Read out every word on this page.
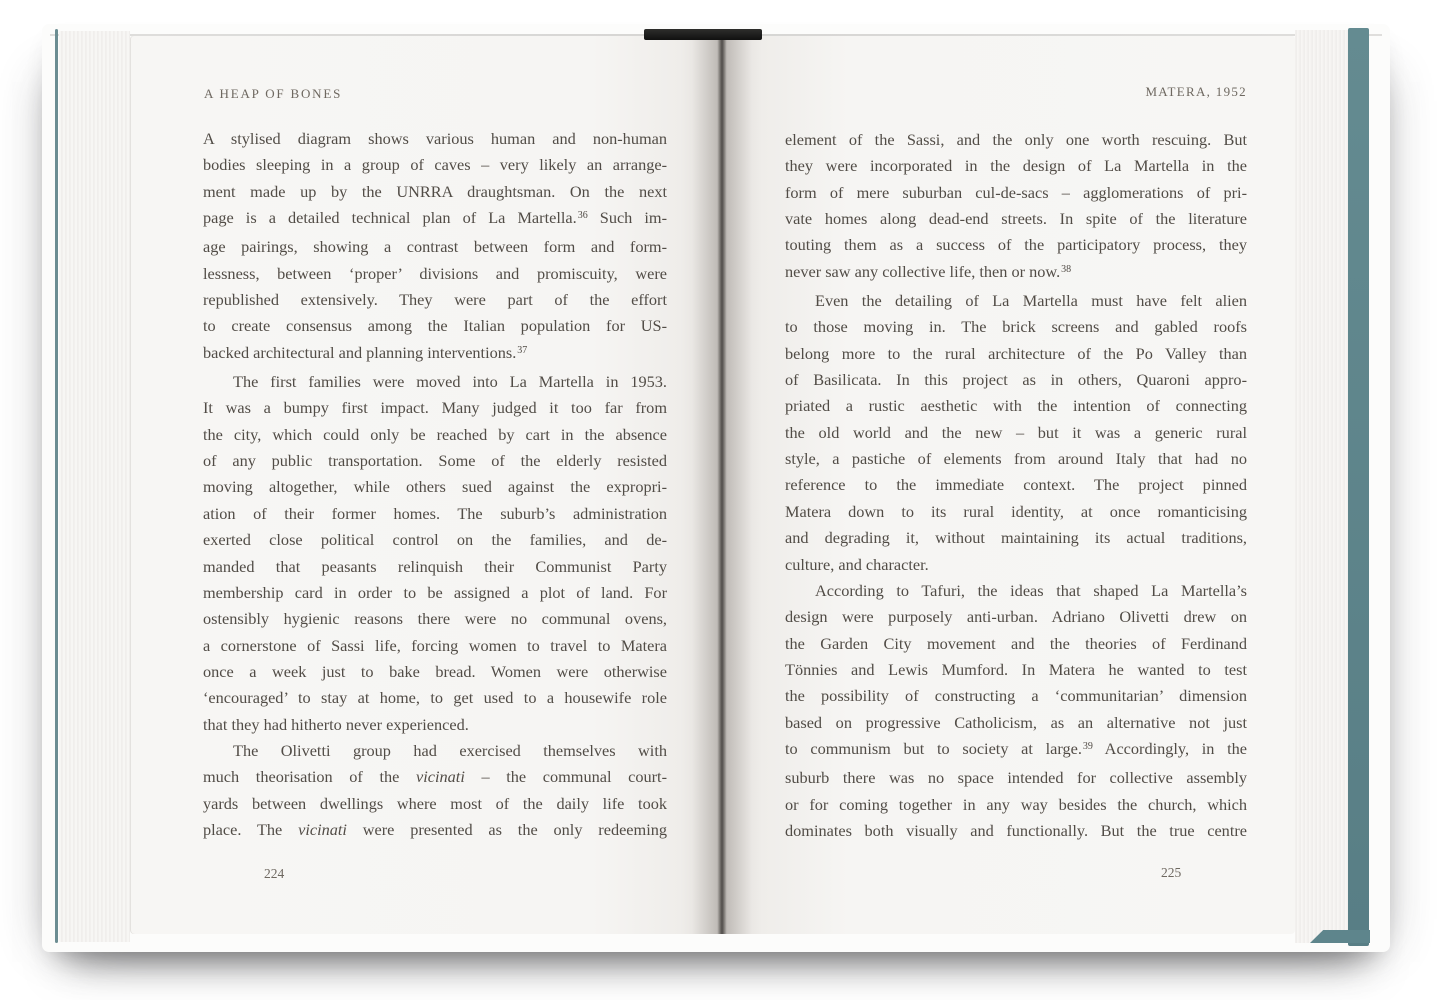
A HEAP OF BONES	MATERA, 1952
A stylised diagram shows various human and non-human
bodies sleeping in a group of caves – very likely an arrange-
ment made up by the UNRRA draughtsman. On the next
page is a detailed technical plan of La Martella.$^{36}$ Such im-
age pairings, showing a contrast between form and form-
lessness, between ‘proper’ divisions and promiscuity, were
republished extensively. They were part of the effort
to create consensus among the Italian population for US-
backed architectural and planning interventions.$^{37}$
The first families were moved into La Martella in 1953.
It was a bumpy first impact. Many judged it too far from
the city, which could only be reached by cart in the absence
of any public transportation. Some of the elderly resisted
moving altogether, while others sued against the expropri-
ation of their former homes. The suburb’s administration
exerted close political control on the families, and de-
manded that peasants relinquish their Communist Party
membership card in order to be assigned a plot of land. For
ostensibly hygienic reasons there were no communal ovens,
a cornerstone of Sassi life, forcing women to travel to Matera
once a week just to bake bread. Women were otherwise
‘encouraged’ to stay at home, to get used to a housewife role
that they had hitherto never experienced.
The Olivetti group had exercised themselves with
much theorisation of the vicinati – the communal court-
yards between dwellings where most of the daily life took
place. The vicinati were presented as the only redeeming
element of the Sassi, and the only one worth rescuing. But
they were incorporated in the design of La Martella in the
form of mere suburban cul-de-sacs – agglomerations of pri-
vate homes along dead-end streets. In spite of the literature
touting them as a success of the participatory process, they
never saw any collective life, then or now.$^{38}$
Even the detailing of La Martella must have felt alien
to those moving in. The brick screens and gabled roofs
belong more to the rural architecture of the Po Valley than
of Basilicata. In this project as in others, Quaroni appro-
priated a rustic aesthetic with the intention of connecting
the old world and the new – but it was a generic rural
style, a pastiche of elements from around Italy that had no
reference to the immediate context. The project pinned
Matera down to its rural identity, at once romanticising
and degrading it, without maintaining its actual traditions,
culture, and character.
According to Tafuri, the ideas that shaped La Martella’s
design were purposely anti-urban. Adriano Olivetti drew on
the Garden City movement and the theories of Ferdinand
Tönnies and Lewis Mumford. In Matera he wanted to test
the possibility of constructing a ‘communitarian’ dimension
based on progressive Catholicism, as an alternative not just
to communism but to society at large.$^{39}$ Accordingly, in the
suburb there was no space intended for collective assembly
or for coming together in any way besides the church, which
dominates both visually and functionally. But the true centre
224	225
